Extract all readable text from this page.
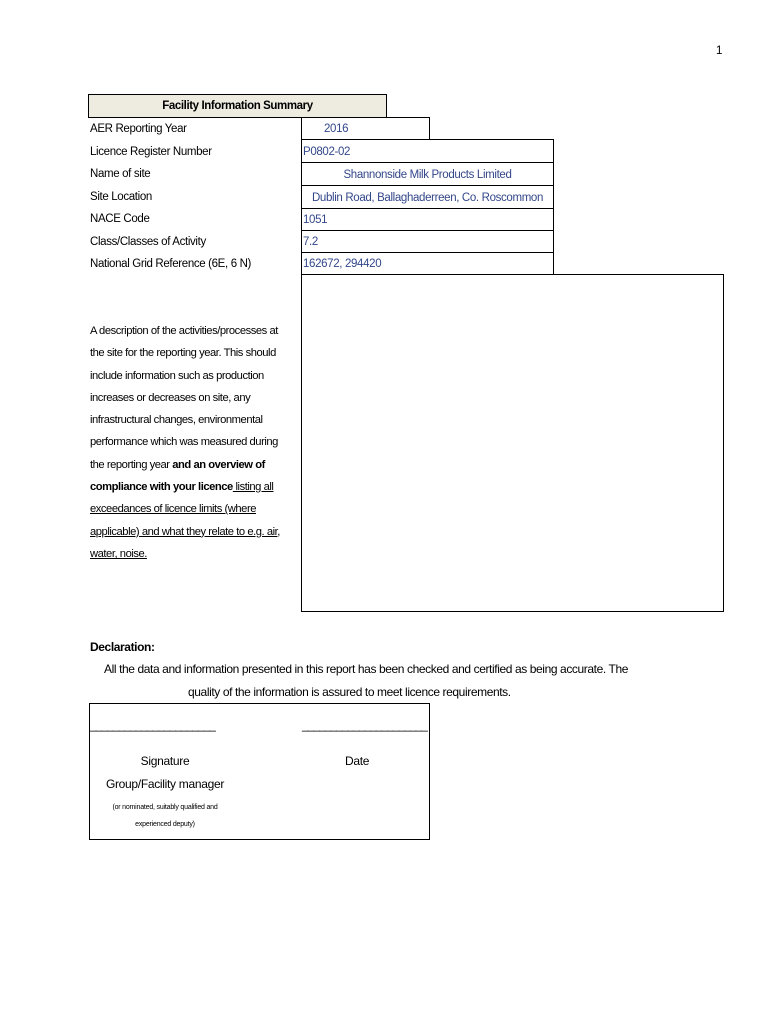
1
Facility Information Summary
AER Reporting Year
Licence Register Number
Name of site
Site Location
NACE Code
Class/Classes of Activity
National Grid Reference (6E, 6 N)
2016
P0802-02
Shannonside Milk Products Limited
Dublin Road, Ballaghaderreen, Co. Roscommon
1051
7.2
162672, 294420
A description of the activities/processes at
the site for the reporting year. This should
include information such as production
increases or decreases on site, any
infrastructural changes, environmental
performance which was measured during
the reporting year and an overview of
compliance with your licence listing all
exceedances of licence limits (where
applicable) and what they relate to e.g. air,
water, noise.
Declaration:
All the data and information presented in this report has been checked and certified as being accurate. The
quality of the information is assured to meet licence requirements.
______________________	______________________
Signature
Group/Facility manager
(or nominated, suitably qualified and
experienced deputy)
Date
